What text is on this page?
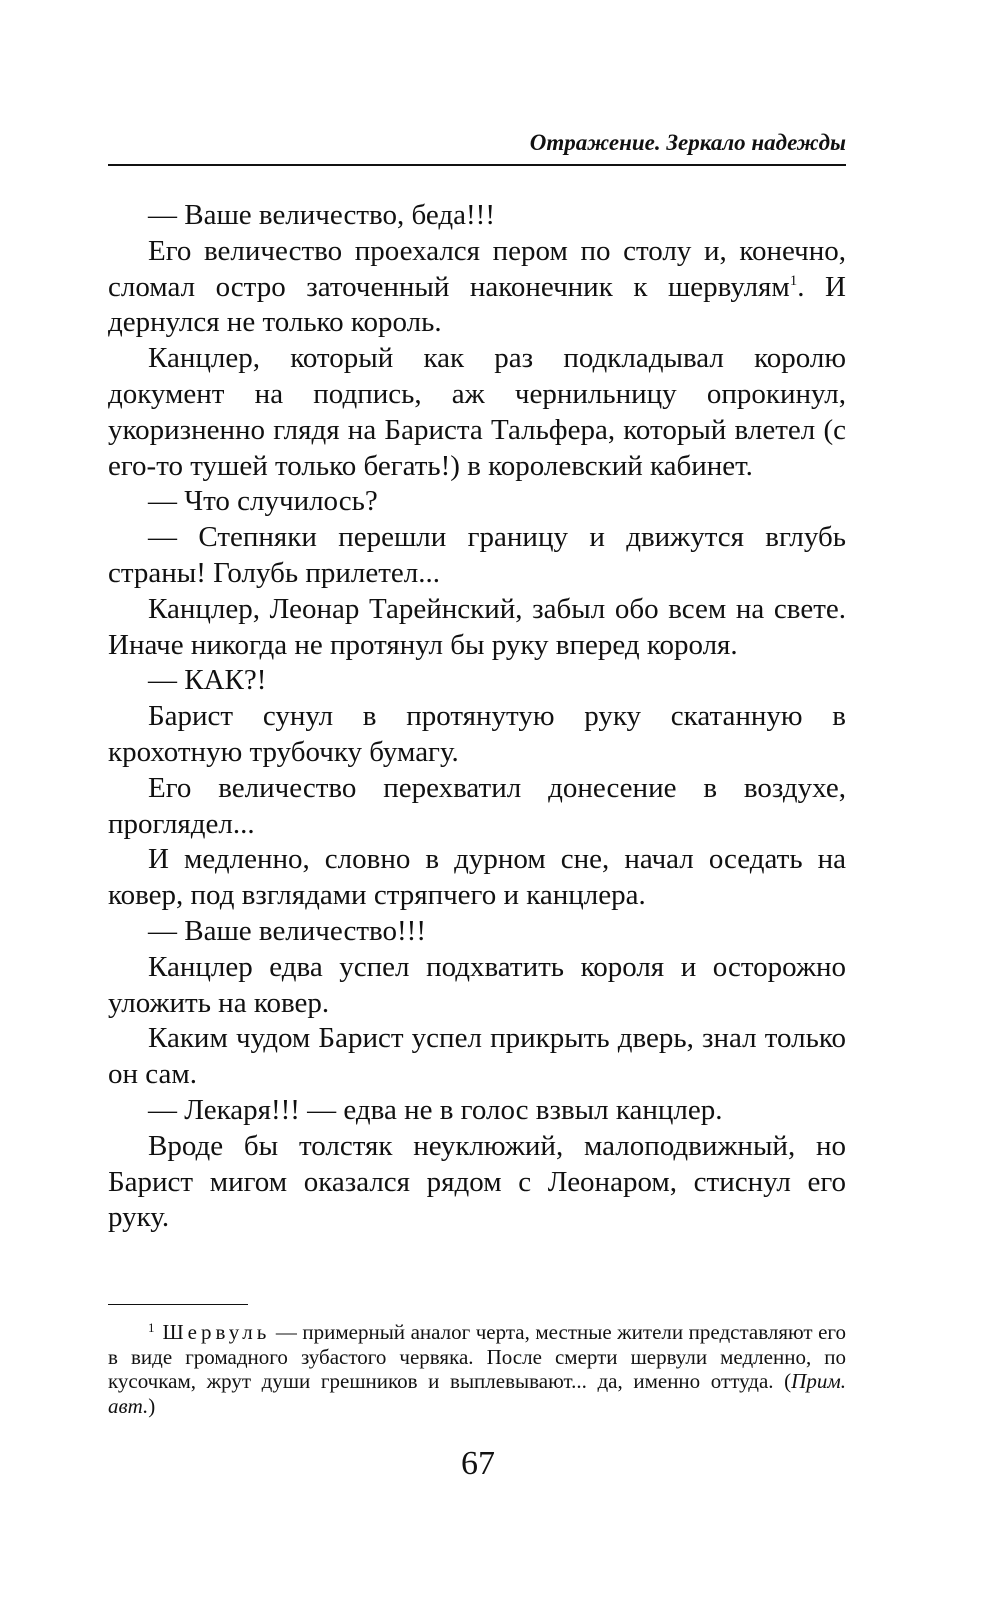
Отражение. Зеркало надежды

— Ваше величество, беда!!!

Его величество проехался пером по столу и, конечно, сломал остро заточенный наконечник к шервулям$^1$. И дернулся не только король.

Канцлер, который как раз подкладывал королю документ на подпись, аж чернильницу опрокинул, укоризненно глядя на Бариста Тальфера, который влетел (с его-то тушей только бегать!) в королевский кабинет.

— Что случилось?

— Степняки перешли границу и движутся вглубь страны! Голубь прилетел...

Канцлер, Леонар Тарейнский, забыл обо всем на свете. Иначе никогда не протянул бы руку вперед короля.

— КАК?!

Барист сунул в протянутую руку скатанную в крохотную трубочку бумагу.

Его величество перехватил донесение в воздухе, проглядел...

И медленно, словно в дурном сне, начал оседать на ковер, под взглядами стряпчего и канцлера.

— Ваше величество!!!

Канцлер едва успел подхватить короля и осторожно уложить на ковер.

Каким чудом Барист успел прикрыть дверь, знал только он сам.

— Лекаря!!! — едва не в голос взвыл канцлер.

Вроде бы толстяк неуклюжий, малоподвижный, но Барист мигом оказался рядом с Леонаром, стиснул его руку.

$^1$ Шервуль — примерный аналог черта, местные жители представляют его в виде громадного зубастого червяка. После смерти шервули медленно, по кусочкам, жрут души грешников и выплевывают... да, именно оттуда. (Прим. авт.)
67
